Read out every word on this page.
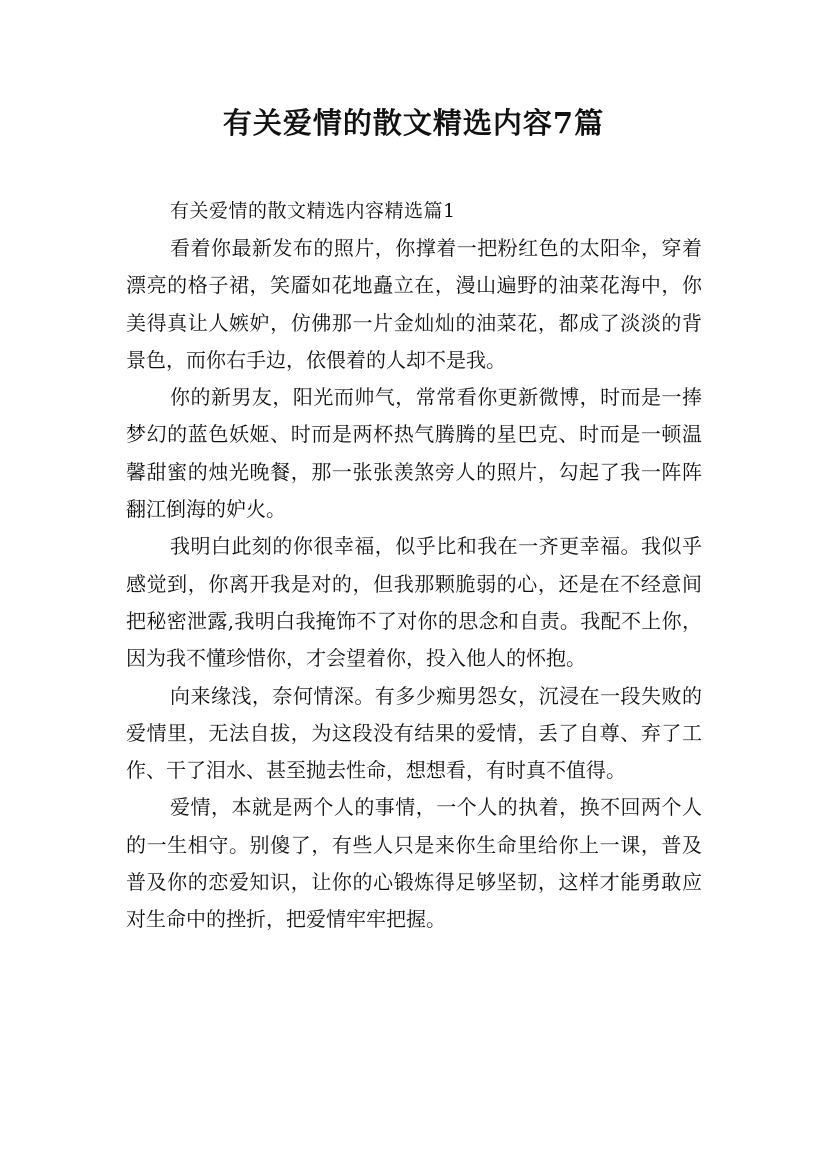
有关爱情的散文精选内容7篇

有关爱情的散文精选内容精选篇1

看着你最新发布的照片，你撑着一把粉红色的太阳伞，穿着漂亮的格子裙，笑靥如花地矗立在，漫山遍野的油菜花海中，你美得真让人嫉妒，仿佛那一片金灿灿的油菜花，都成了淡淡的背景色，而你右手边，依偎着的人却不是我。

你的新男友，阳光而帅气，常常看你更新微博，时而是一捧梦幻的蓝色妖姬、时而是两杯热气腾腾的星巴克、时而是一顿温馨甜蜜的烛光晚餐，那一张张羡煞旁人的照片，勾起了我一阵阵翻江倒海的妒火。

我明白此刻的你很幸福，似乎比和我在一齐更幸福。我似乎感觉到，你离开我是对的，但我那颗脆弱的心，还是在不经意间把秘密泄露,我明白我掩饰不了对你的思念和自责。我配不上你，因为我不懂珍惜你，才会望着你，投入他人的怀抱。

向来缘浅，奈何情深。有多少痴男怨女，沉浸在一段失败的爱情里，无法自拔，为这段没有结果的爱情，丢了自尊、弃了工作、干了泪水、甚至抛去性命，想想看，有时真不值得。

爱情，本就是两个人的事情，一个人的执着，换不回两个人的一生相守。别傻了，有些人只是来你生命里给你上一课，普及普及你的恋爱知识，让你的心锻炼得足够坚韧，这样才能勇敢应对生命中的挫折，把爱情牢牢把握。
